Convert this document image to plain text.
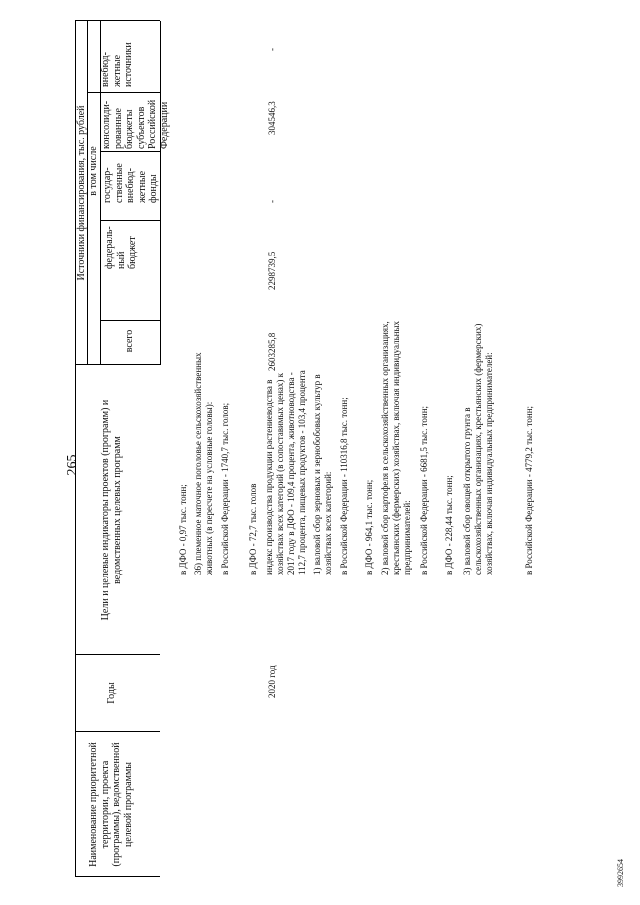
265
3992654
Наименование приоритетной территории, проекта (программы), ведомственной целевой программы
Годы
Цели и целевые индикаторы проектов (программ) и ведомственных целевых программ
Источники финансирования, тыс. рублей в том числе
всего
федераль-ный бюджет
государ-ственные внебюд-жетные фонды
консолиди-рованные бюджеты субъектов Российской Федерации
внебюд-жетные источники
2020 год
2603285,8
2298739,5
-
304546,3
-
в ДФО - 0,97 тыс. тонн; 36) племенное маточное поголовье сельскохозяйственных животных (в пересчете на условные головы): в Российской Федерации - 1740,7 тыс. голов; в ДФО - 72,7 тыс. голов индекс производства продукции растениеводства в хозяйствах всех категорий (в сопоставимых ценах) к 2017 году в ДФО - 109,4 процента, животноводства - 112,7 процента, пищевых продуктов - 103,4 процента 1) валовой сбор зерновых и зернобобовых культур в хозяйствах всех категорий: в Российской Федерации - 110316,8 тыс. тонн; в ДФО - 964,1 тыс. тонн; 2) валовой сбор картофеля в сельскохозяйственных организациях, крестьянских (фермерских) хозяйствах, включая индивидуальных предпринимателей: в Российской Федерации - 6681,5 тыс. тонн; в ДФО - 228,44 тыс. тонн; 3) валовой сбор овощей открытого грунта в сельскохозяйственных организациях, крестьянских (фермерских) хозяйствах, включая индивидуальных предпринимателей:	в Российской Федерации - 4779,2 тыс. тонн;
